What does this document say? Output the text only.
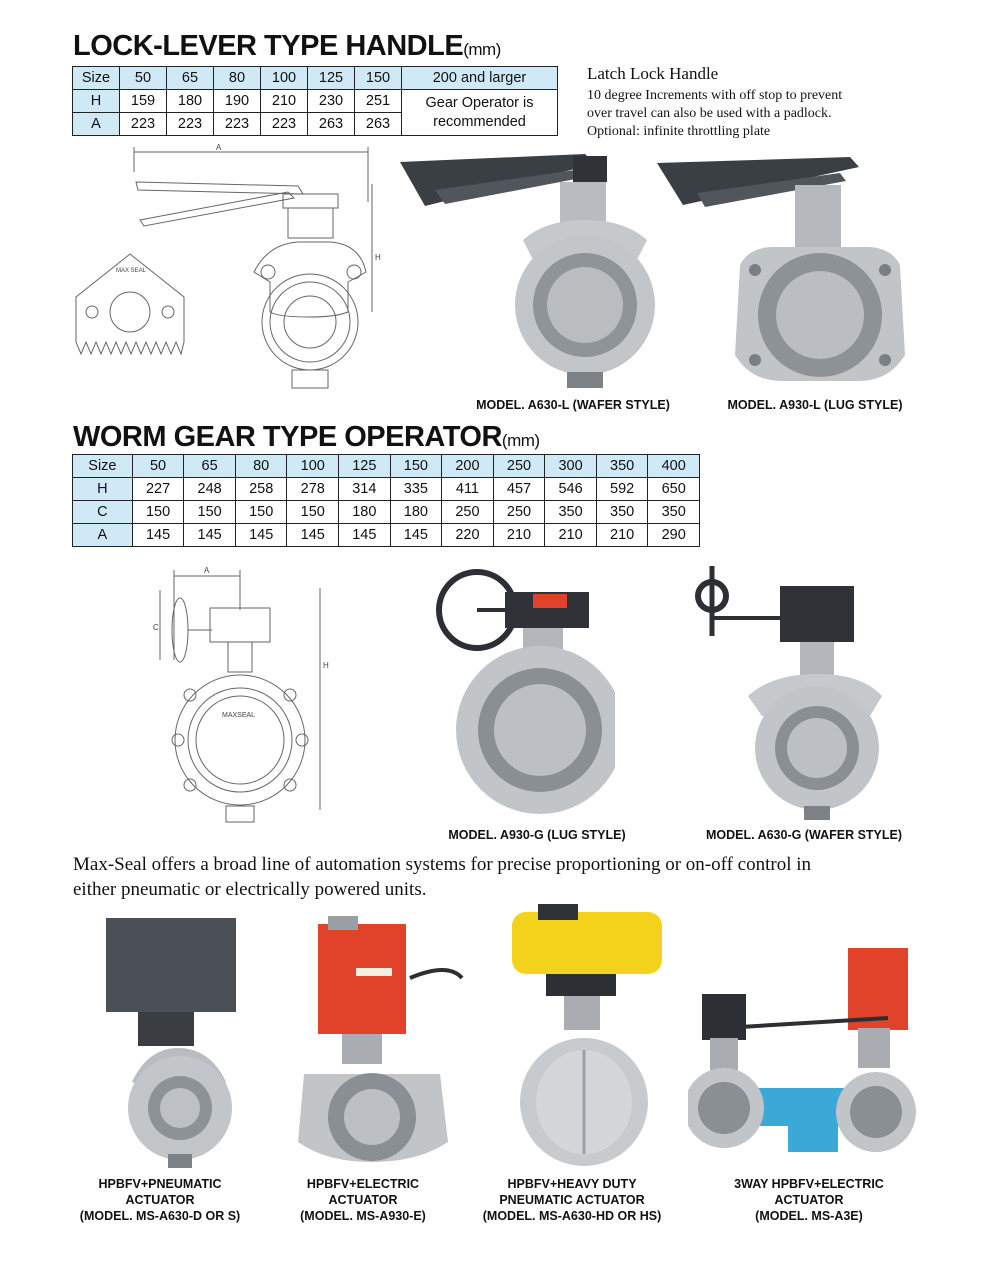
LOCK-LEVER TYPE HANDLE(mm)
Size	50	65	80	100	125	150	200 and larger
H	159	180	190	210	230	251	Gear Operator is recommended
A	223	223	223	223	263	263	
Latch Lock Handle
10 degree Increments with off stop to prevent
over travel can also be used with a padlock.
Optional: infinite throttling plate
A
H
MAX SEAL
MODEL. A630-L (WAFER STYLE)	MODEL. A930-L (LUG STYLE)
WORM GEAR TYPE OPERATOR(mm)
Size	50	65	80	100	125	150	200	250	300	350	400
H	227	248	258	278	314	335	411	457	546	592	650
C	150	150	150	150	180	180	250	250	350	350	350
A	145	145	145	145	145	145	220	210	210	210	290
A
C
H
MAXSEAL
MODEL. A930-G (LUG STYLE)	MODEL. A630-G (WAFER STYLE)
Max-Seal offers a broad line of automation systems for precise proportioning or on-off control in
either pneumatic or electrically powered units.
HPBFV+PNEUMATIC
ACTUATOR
(MODEL. MS-A630-D OR S)
HPBFV+ELECTRIC
ACTUATOR
(MODEL. MS-A930-E)
HPBFV+HEAVY DUTY
PNEUMATIC ACTUATOR
(MODEL. MS-A630-HD OR HS)
3WAY HPBFV+ELECTRIC
ACTUATOR
(MODEL. MS-A3E)
